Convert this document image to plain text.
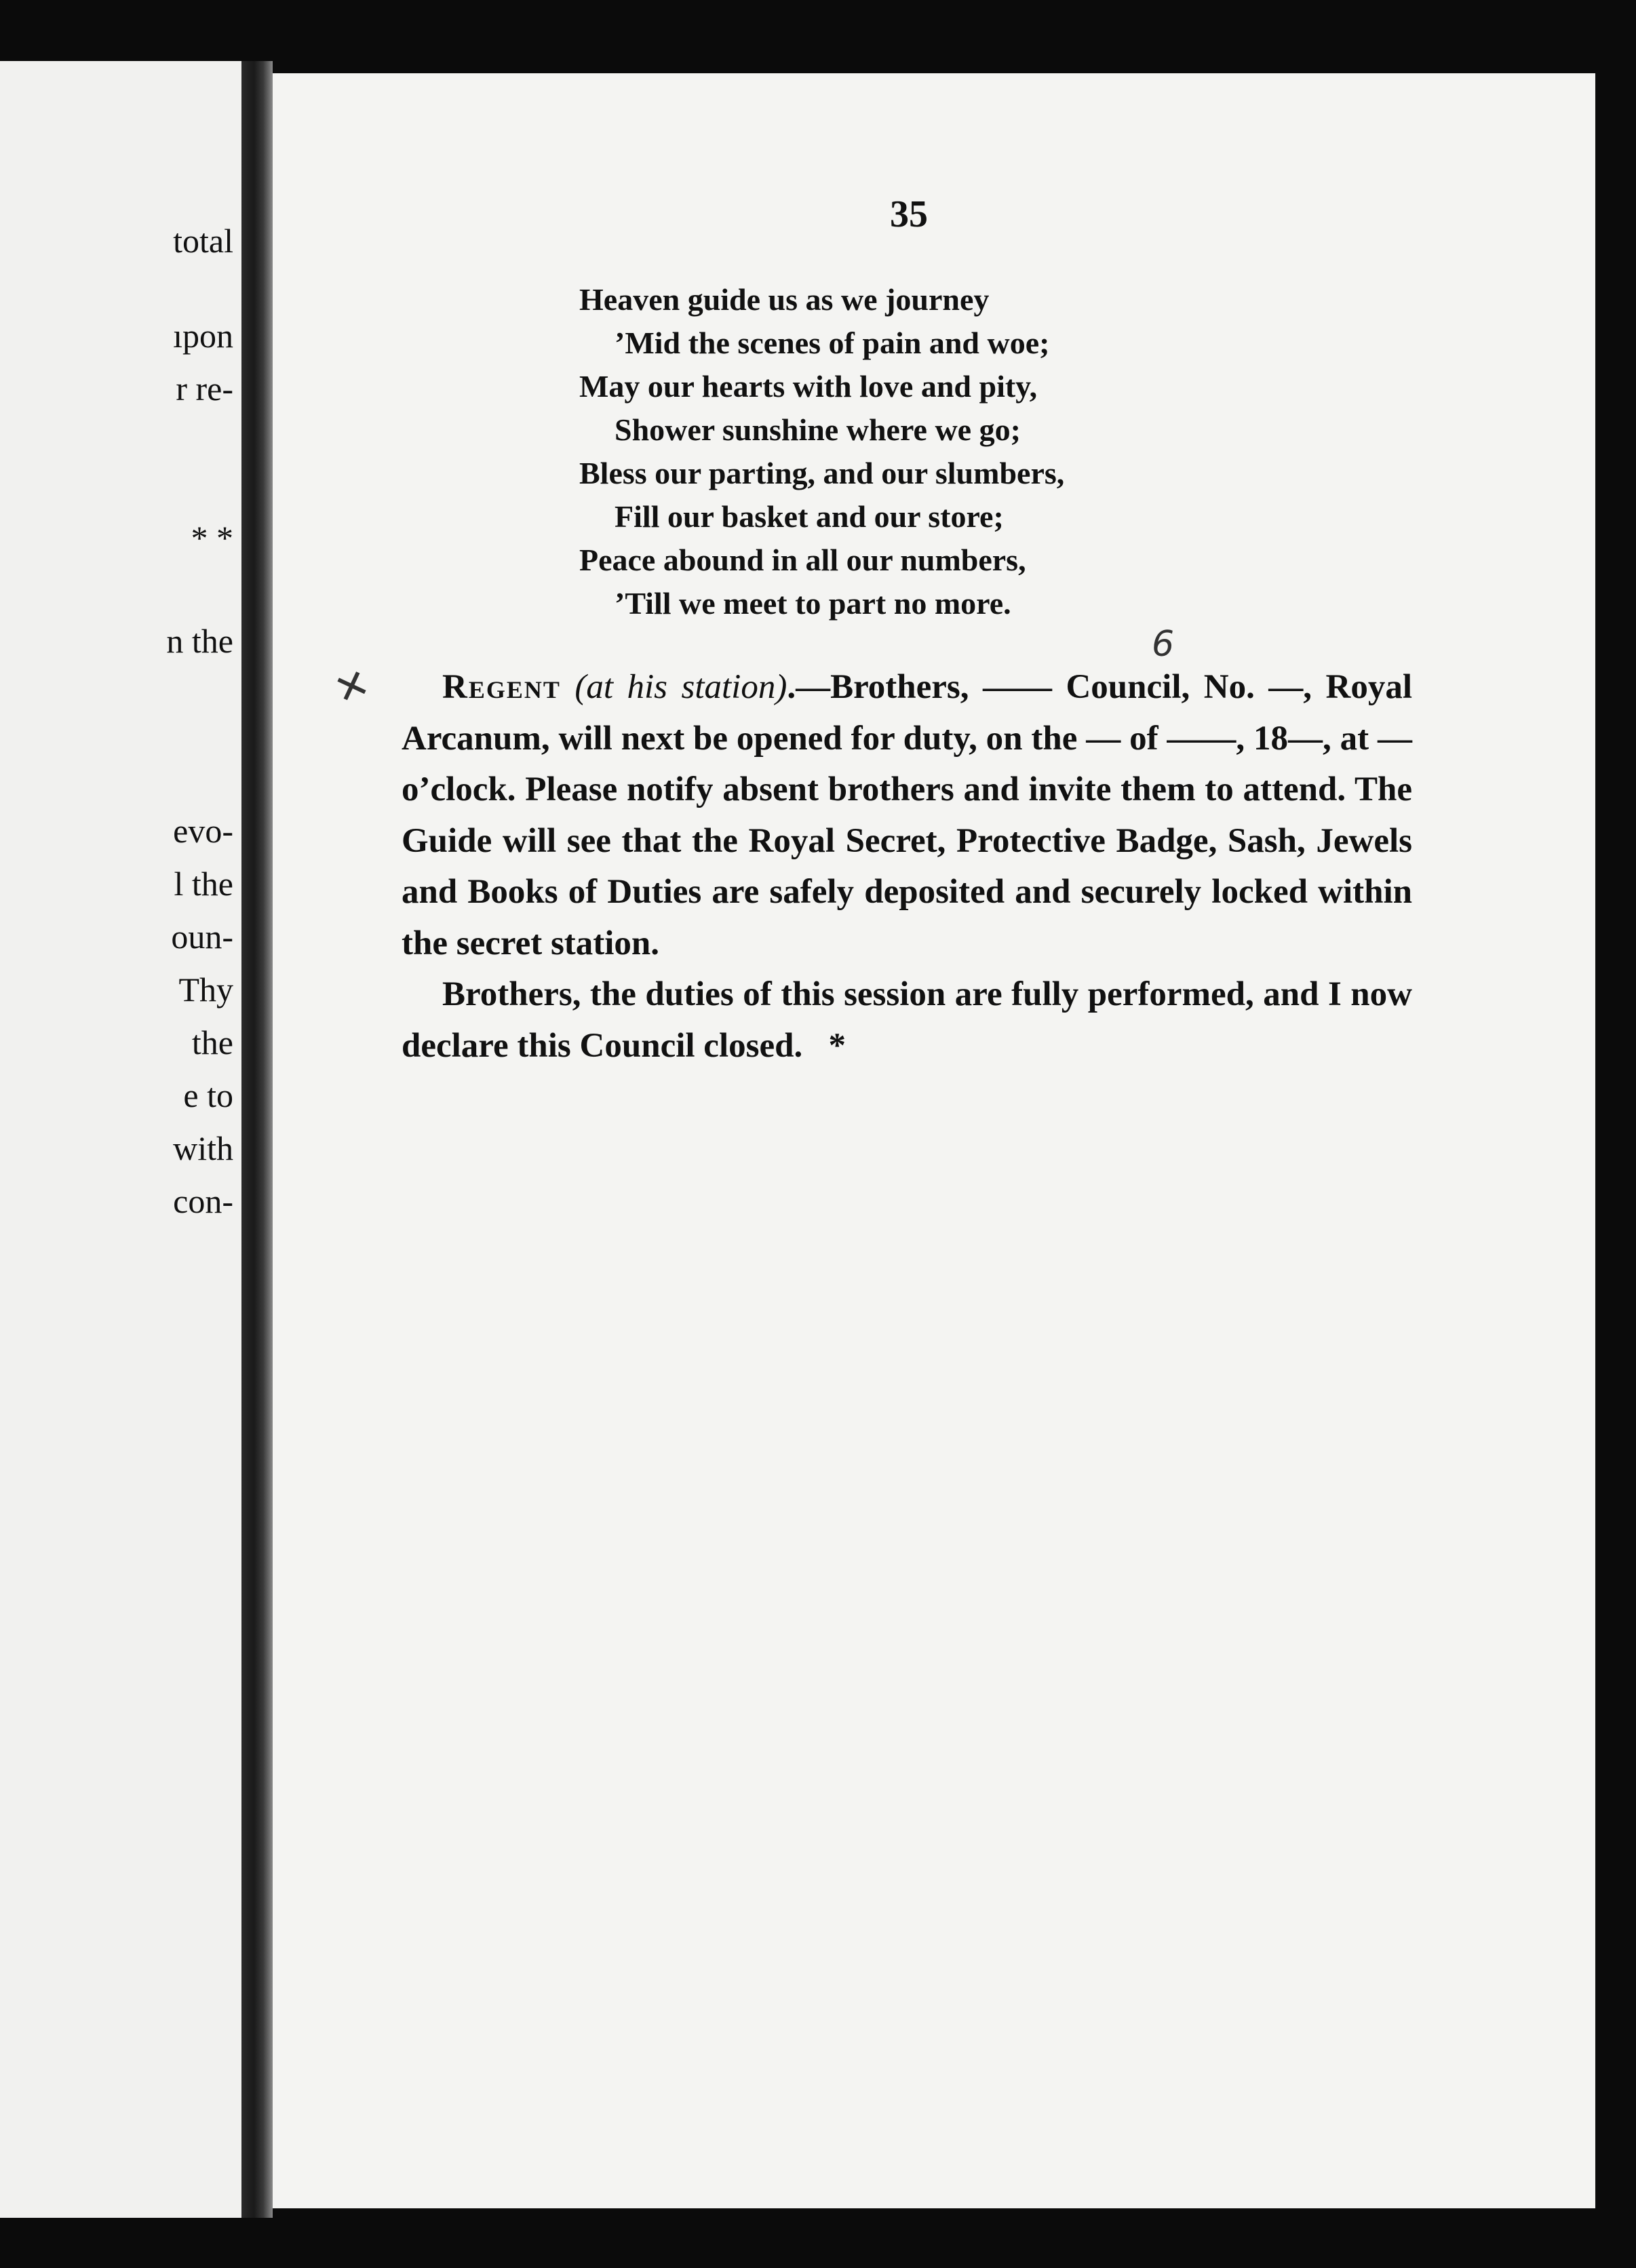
total
ıpon
r re-
* *
n the
evo-
l the
oun-
Thy
the
e to
with
con-
35
Heaven guide us as we journey
’Mid the scenes of pain and woe;
May our hearts with love and pity,
Shower sunshine where we go;
Bless our parting, and our slumbers,
Fill our basket and our store;
Peace abound in all our numbers,
’Till we meet to part no more.
✕
6

Regent (at his station).—Brothers, —— Council, No. —, Royal Arcanum, will next be opened for duty, on the — of ——, 18—, at — o’clock. Please notify absent brothers and invite them to attend. The Guide will see that the Royal Secret, Protective Badge, Sash, Jewels and Books of Duties are safely deposited and securely locked within the secret station.

Brothers, the duties of this session are fully performed, and I now declare this Council closed. *
